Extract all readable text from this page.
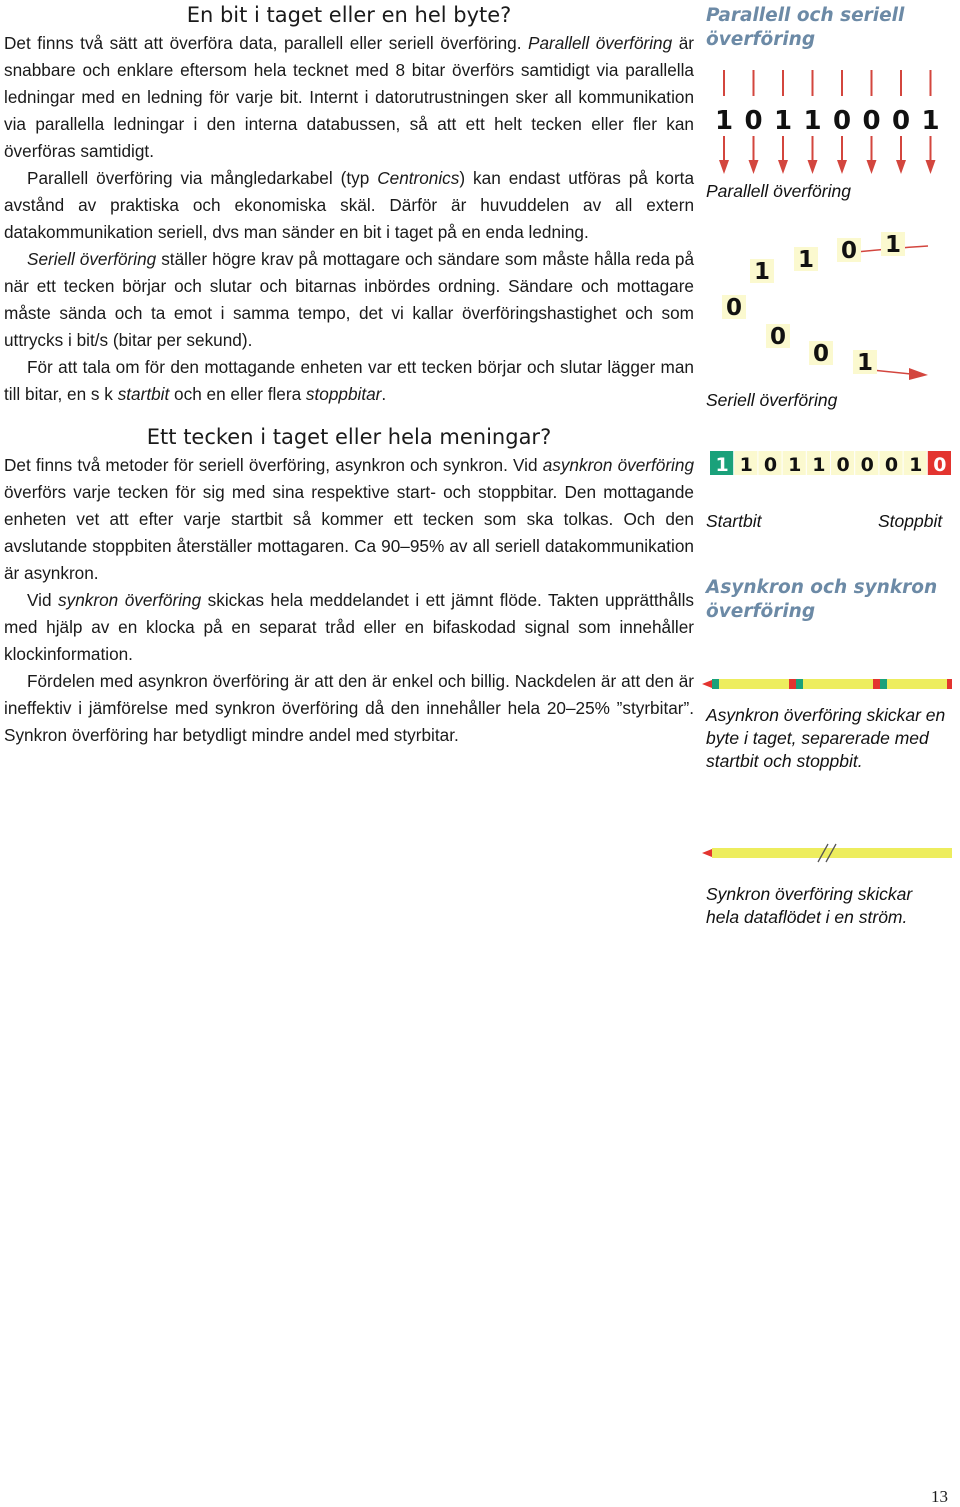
En bit i taget eller en hel byte?

Det finns två sätt att överföra data, parallell eller seriell överföring. Parallell överföring är snabbare och enklare eftersom hela tecknet med 8 bitar överförs samtidigt via parallella ledningar med en ledning för varje bit. Internt i datorutrustningen sker all kommunikation via parallella ledningar i den interna databussen, så att ett helt tecken eller fler kan överföras samtidigt.

Parallell överföring via mångledarkabel (typ Centronics) kan endast utföras på korta avstånd av praktiska och ekonomiska skäl. Därför är huvuddelen av all extern datakommunikation seriell, dvs man sänder en bit i taget på en enda ledning.

Seriell överföring ställer högre krav på mottagare och sändare som måste hålla reda på när ett tecken börjar och slutar och bitarnas inbördes ordning. Sändare och mottagare måste sända och ta emot i samma tempo, det vi kallar överföringshastighet och som uttrycks i bit/s (bitar per sekund).

För att tala om för den mottagande enheten var ett tecken börjar och slutar lägger man till bitar, en s k startbit och en eller flera stoppbitar.

Ett tecken i taget eller hela meningar?

Det finns två metoder för seriell överföring, asynkron och synkron. Vid asynkron överföring överförs varje tecken för sig med sina respektive start- och stoppbitar. Den mottagande enheten vet att efter varje startbit så kommer ett tecken som ska tolkas. Och den avslutande stoppbiten återställer mottagaren. Ca 90–95% av all seriell datakommunikation är asynkron.

Vid synkron överföring skickas hela meddelandet i ett jämnt flöde. Takten upprätthålls med hjälp av en klocka på en separat tråd eller en bifaskodad signal som innehåller klockinformation.

Fördelen med asynkron överföring är att den är enkel och billig. Nackdelen är att den är ineffektiv i jämförelse med synkron överföring då den innehåller hela 20–25% ”styrbitar”. Synkron överföring har betydligt mindre andel med styrbitar.

Parallell och seriell överföring
1 0 1 1 0 0 0 1

Parallell överföring

0
1 1 0 1
0
0 1

Seriell överföring

1 1 0 1 1 0 0 0 1 0

Startbit	Stoppbit

Asynkron och synkron överföring

Asynkron överföring skickar en byte i taget, separerade med startbit och stoppbit.

Synkron överföring skickar hela dataflödet i en ström.

13
